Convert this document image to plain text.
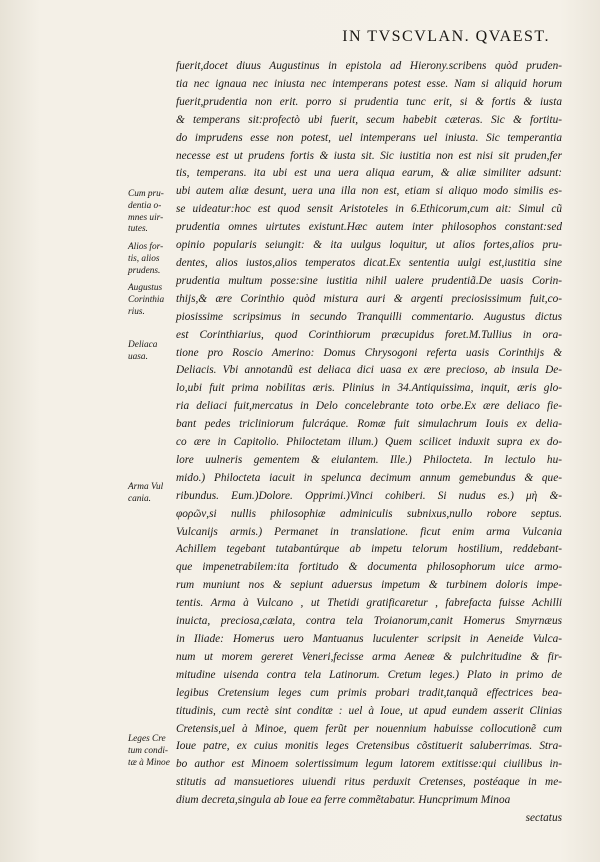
IN TVSCVLAN. QVAEST.
fuerit,docet diuus Augustinus in epistola ad Hierony.scribens quòd pruden-
tia nec ignaua nec iniusta nec intemperans potest esse. Nam si aliquid horum
fuerit,prudentia non erit. porro si prudentia tunc erit, si & fortis & iusta
& temperans sit:profectò ubi fuerit, secum habebit cæteras. Sic & fortitu-
do imprudens esse non potest, uel intemperans uel iniusta. Sic temperantia
necesse est ut prudens fortis & iusta sit. Sic iustitia non est nisi sit pruden,fer
tis, temperans. ita ubi est una uera aliqua earum, & aliæ similiter adsunt:
ubi autem aliæ desunt, uera una illa non est, etiam si aliquo modo similis es-
se uideatur:hoc est quod sensit Aristoteles in 6.Ethicorum,cum ait: Simul cũ
prudentia omnes uirtutes existunt.Hæc autem inter philosophos constant:sed
opinio popularis seiungit: & ita uulgus loquitur, ut alios fortes,alios pru-
dentes, alios iustos,alios temperatos dicat.Ex sententia uulgi est,iustitia sine
prudentia multum posse:sine iustitia nihil ualere prudentiã.De uasis Corin-
thijs,& ære Corinthio quòd mistura auri & argenti preciosissimum fuit,co-
piosissime scripsimus in secundo Tranquilli commentario. Augustus dictus
est Corinthiarius, quod Corinthiorum præcupidus foret.M.Tullius in ora-
tione pro Roscio Amerino: Domus Chrysogoni referta uasis Corinthijs &
Deliacis. Vbi annotandũ est deliaca dici uasa ex ære precioso, ab insula De-
lo,ubi fuit prima nobilitas æris. Plinius in 34.Antiquissima, inquit, æris glo-
ria deliaci fuit,mercatus in Delo concelebrante toto orbe.Ex ære deliaco fie-
bant pedes tricliniorum fulcráque. Romæ fuit simulachrum Iouis ex delia-
co ære in Capitolio. Philoctetam illum.) Quem scilicet induxit supra ex do-
lore uulneris gementem & eiulantem. Ille.) Philocteta. In lectulo hu-
mido.) Philocteta iacuit in spelunca decimum annum gemebundus & que-
ribundus. Eum.)Dolore. Opprimi.)Vinci cohiberi. Si nudus es.) μὴ &-
φορῶν,si nullis philosophiæ adminiculis subnixus,nullo robore septus.
Vulcanijs armis.) Permanet in translatione. ficut enim arma Vulcania
Achillem tegebant tutabantúrque ab impetu telorum hostilium, reddebant-
que impenetrabilem:ita fortitudo & documenta philosophorum uice armo-
rum muniunt nos & sepiunt aduersus impetum & turbinem doloris impe-
tentis. Arma à Vulcano , ut Thetidi gratificaretur , fabrefacta fuisse Achilli
inuicta, preciosa,cælata, contra tela Troianorum,canit Homerus Smyrnæus
in Iliade: Homerus uero Mantuanus luculenter scripsit in Aeneide Vulca-
num ut morem gereret Veneri,fecisse arma Aeneæ & pulchritudine & fir-
mitudine uisenda contra tela Latinorum. Cretum leges.) Plato in primo de
legibus Cretensium leges cum primis probari tradit,tanquã effectrices bea-
titudinis, cum rectè sint conditæ : uel à Ioue, ut apud eundem asserit Clinias
Cretensis,uel à Minoe, quem ferũt per nouennium habuisse collocutionẽ cum
Ioue patre, ex cuius monitis leges Cretensibus cõstituerit saluberrimas. Stra-
bo author est Minoem solertissimum legum latorem extitisse:qui ciuilibus in-
stitutis ad mansuetiores uiuendi ritus perduxit Cretenses, postéaque in me-
dium decreta,singula ab Ioue ea ferre commẽtabatur. Huncprimum Minoa
sectatus
Cum pru-
dentia o-
mnes uir-
tutes.
Alios for-
tis, alios
prudens.
Augustus
Corinthia
rius.
Deliaca
uasa.
Arma Vul
cania.
Leges Cre
tum condi-
tæ à Minoe
